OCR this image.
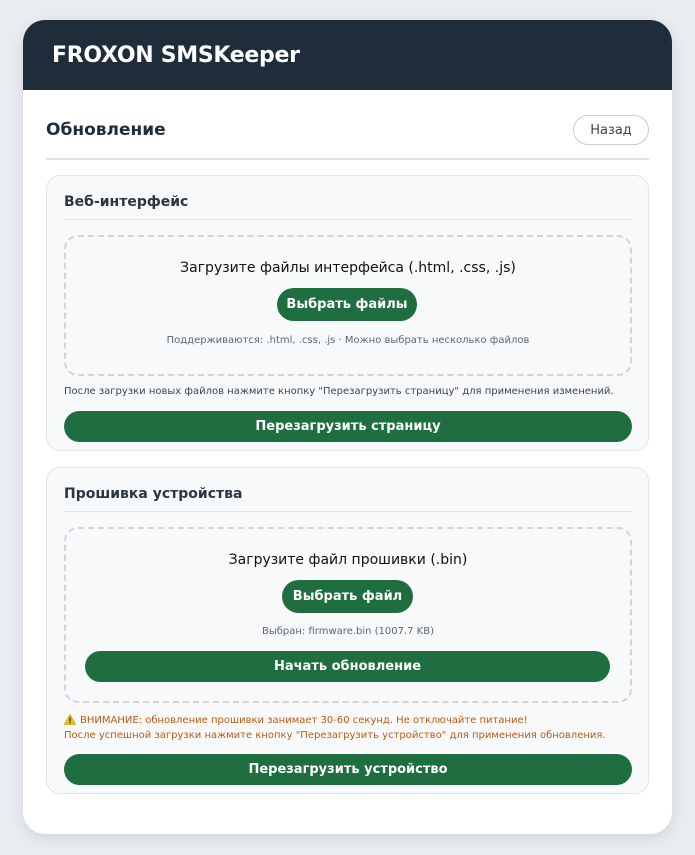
FROXON SMSKeeper
Обновление	Назад
Веб-интерфейс
Загрузите файлы интерфейса (.html, .css, .js)
Выбрать файлы
Поддерживаются: .html, .css, .js · Можно выбрать несколько файлов
После загрузки новых файлов нажмите кнопку "Перезагрузить страницу" для применения изменений.
Перезагрузить страницу
Прошивка устройства
Загрузите файл прошивки (.bin)
Выбрать файл
Выбран: firmware.bin (1007.7 KB)
Начать обновление
ВНИМАНИЕ: обновление прошивки занимает 30-60 секунд. Не отключайте питание!
После успешной загрузки нажмите кнопку "Перезагрузить устройство" для применения обновления.
Перезагрузить устройство
